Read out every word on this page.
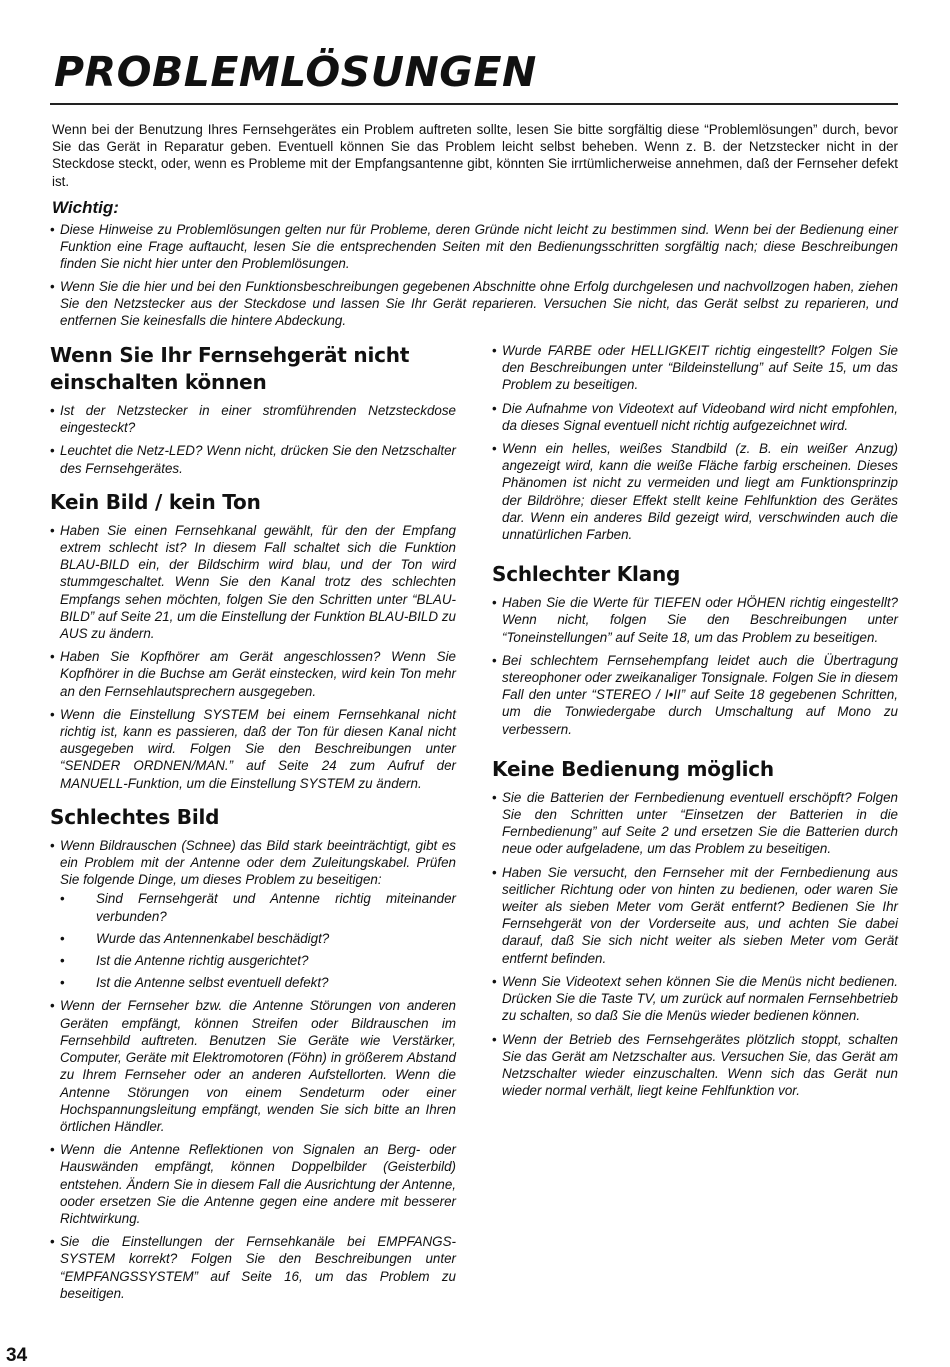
PROBLEMLÖSUNGEN

Wenn bei der Benutzung Ihres Fernsehgerätes ein Problem auftreten sollte, lesen Sie bitte sorgfältig diese “Problemlösungen” durch, bevor Sie das Gerät in Reparatur geben. Eventuell können Sie das Problem leicht selbst beheben. Wenn z. B. der Netzstecker nicht in der Steckdose steckt, oder, wenn es Probleme mit der Empfangsantenne gibt, könnten Sie irrtümlicherweise annehmen, daß der Fernseher defekt ist.

Wichtig:
• Diese Hinweise zu Problemlösungen gelten nur für Probleme, deren Gründe nicht leicht zu bestimmen sind. Wenn bei der Bedienung einer Funktion eine Frage auftaucht, lesen Sie die entsprechenden Seiten mit den Bedienungsschritten sorgfältig nach; diese Beschreibungen finden Sie nicht hier unter den Problemlösungen.
• Wenn Sie die hier und bei den Funktionsbeschreibungen gegebenen Abschnitte ohne Erfolg durchgelesen und nachvollzogen haben, ziehen Sie den Netzstecker aus der Steckdose und lassen Sie Ihr Gerät reparieren. Versuchen Sie nicht, das Gerät selbst zu reparieren, und entfernen Sie keinesfalls die hintere Abdeckung.
Wenn Sie Ihr Fernsehgerät nicht einschalten können
• Ist der Netzstecker in einer stromführenden Netzsteckdose eingesteckt?
• Leuchtet die Netz-LED? Wenn nicht, drücken Sie den Netzschalter des Fernsehgerätes.
Kein Bild / kein Ton
• Haben Sie einen Fernsehkanal gewählt, für den der Empfang extrem schlecht ist? In diesem Fall schaltet sich die Funktion BLAU-BILD ein, der Bildschirm wird blau, und der Ton wird stummgeschaltet. Wenn Sie den Kanal trotz des schlechten Empfangs sehen möchten, folgen Sie den Schritten unter “BLAU-BILD” auf Seite 21, um die Einstellung der Funktion BLAU-BILD zu AUS zu ändern.
• Haben Sie Kopfhörer am Gerät angeschlossen? Wenn Sie Kopfhörer in die Buchse am Gerät einstecken, wird kein Ton mehr an den Fernsehlautsprechern ausgegeben.
• Wenn die Einstellung SYSTEM bei einem Fernsehkanal nicht richtig ist, kann es passieren, daß der Ton für diesen Kanal nicht ausgegeben wird. Folgen Sie den Beschreibungen unter “SENDER ORDNEN/MAN.” auf Seite 24 zum Aufruf der MANUELL-Funktion, um die Einstellung SYSTEM zu ändern.
Schlechtes Bild
• Wenn Bildrauschen (Schnee) das Bild stark beeinträchtigt, gibt es ein Problem mit der Antenne oder dem Zuleitungskabel. Prüfen Sie folgende Dinge, um dieses Problem zu beseitigen:
• Sind Fernsehgerät und Antenne richtig miteinander verbunden?
• Wurde das Antennenkabel beschädigt?
• Ist die Antenne richtig ausgerichtet?
• Ist die Antenne selbst eventuell defekt?
• Wenn der Fernseher bzw. die Antenne Störungen von anderen Geräten empfängt, können Streifen oder Bildrauschen im Fernsehbild auftreten. Benutzen Sie Geräte wie Verstärker, Computer, Geräte mit Elektromotoren (Föhn) in größerem Abstand zu Ihrem Fernseher oder an anderen Aufstellorten. Wenn die Antenne Störungen von einem Sendeturm oder einer Hochspannungsleitung empfängt, wenden Sie sich bitte an Ihren örtlichen Händler.
• Wenn die Antenne Reflektionen von Signalen an Berg- oder Hauswänden empfängt, können Doppelbilder (Geisterbild) entstehen. Ändern Sie in diesem Fall die Ausrichtung der Antenne, ooder ersetzen Sie die Antenne gegen eine andere mit besserer Richtwirkung.
• Sie die Einstellungen der Fernsehkanäle bei EMPFANGS-SYSTEM korrekt? Folgen Sie den Beschreibungen unter “EMPFANGSSYSTEM” auf Seite 16, um das Problem zu beseitigen.
• Wurde FARBE oder HELLIGKEIT richtig eingestellt? Folgen Sie den Beschreibungen unter “Bildeinstellung” auf Seite 15, um das Problem zu beseitigen.
• Die Aufnahme von Videotext auf Videoband wird nicht empfohlen, da dieses Signal eventuell nicht richtig aufgezeichnet wird.
• Wenn ein helles, weißes Standbild (z. B. ein weißer Anzug) angezeigt wird, kann die weiße Fläche farbig erscheinen. Dieses Phänomen ist nicht zu vermeiden und liegt am Funktionsprinzip der Bildröhre; dieser Effekt stellt keine Fehlfunktion des Gerätes dar. Wenn ein anderes Bild gezeigt wird, verschwinden auch die unnatürlichen Farben.
Schlechter Klang
• Haben Sie die Werte für TIEFEN oder HÖHEN richtig eingestellt? Wenn nicht, folgen Sie den Beschreibungen unter “Toneinstellungen” auf Seite 18, um das Problem zu beseitigen.
• Bei schlechtem Fernsehempfang leidet auch die Übertragung stereophoner oder zweikanaliger Tonsignale. Folgen Sie in diesem Fall den unter “STEREO / I•II” auf Seite 18 gegebenen Schritten, um die Tonwiedergabe durch Umschaltung auf Mono zu verbessern.
Keine Bedienung möglich
• Sie die Batterien der Fernbedienung eventuell erschöpft? Folgen Sie den Schritten unter “Einsetzen der Batterien in die Fernbedienung” auf Seite 2 und ersetzen Sie die Batterien durch neue oder aufgeladene, um das Problem zu beseitigen.
• Haben Sie versucht, den Fernseher mit der Fernbedienung aus seitlicher Richtung oder von hinten zu bedienen, oder waren Sie weiter als sieben Meter vom Gerät entfernt? Bedienen Sie Ihr Fernsehgerät von der Vorderseite aus, und achten Sie dabei darauf, daß Sie sich nicht weiter als sieben Meter vom Gerät entfernt befinden.
• Wenn Sie Videotext sehen können Sie die Menüs nicht bedienen. Drücken Sie die Taste TV, um zurück auf normalen Fernsehbetrieb zu schalten, so daß Sie die Menüs wieder bedienen können.
• Wenn der Betrieb des Fernsehgerätes plötzlich stoppt, schalten Sie das Gerät am Netzschalter aus. Versuchen Sie, das Gerät am Netzschalter wieder einzuschalten. Wenn sich das Gerät nun wieder normal verhält, liegt keine Fehlfunktion vor.
34
